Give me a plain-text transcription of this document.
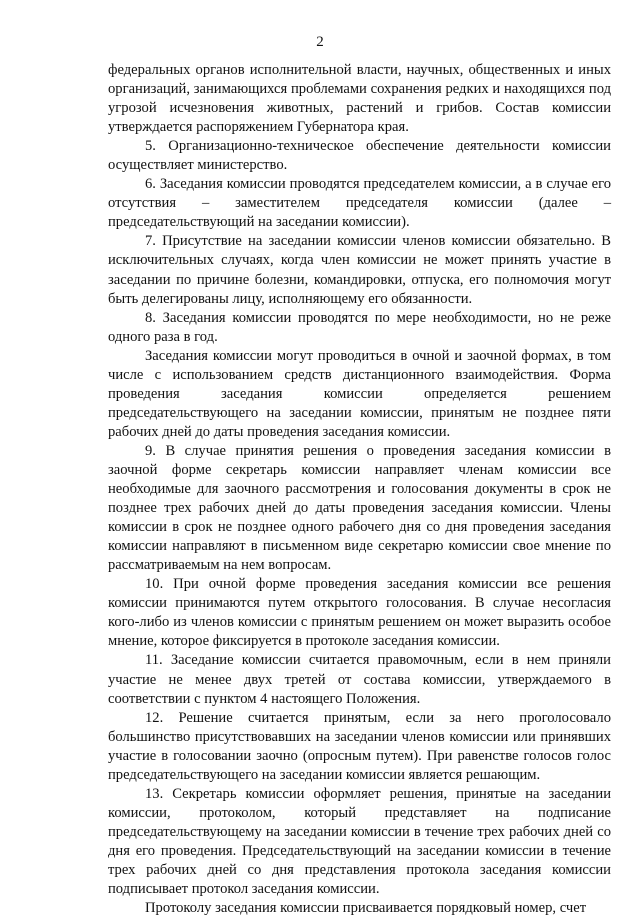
2

федеральных органов исполнительной власти, научных, общественных и иных организаций, занимающихся проблемами сохранения редких и находящихся под угрозой исчезновения животных, растений и грибов. Состав комиссии утверждается распоряжением Губернатора края.

5. Организационно-техническое обеспечение деятельности комиссии осуществляет министерство.

6. Заседания комиссии проводятся председателем комиссии, а в случае его отсутствия – заместителем председателя комиссии (далее – председательствующий на заседании комиссии).

7. Присутствие на заседании комиссии членов комиссии обязательно. В исключительных случаях, когда член комиссии не может принять участие в заседании по причине болезни, командировки, отпуска, его полномочия могут быть делегированы лицу, исполняющему его обязанности.

8. Заседания комиссии проводятся по мере необходимости, но не реже одного раза в год.

Заседания комиссии могут проводиться в очной и заочной формах, в том числе с использованием средств дистанционного взаимодействия. Форма проведения заседания комиссии определяется решением председательствующего на заседании комиссии, принятым не позднее пяти рабочих дней до даты проведения заседания комиссии.

9. В случае принятия решения о проведения заседания комиссии в заочной форме секретарь комиссии направляет членам комиссии все необходимые для заочного рассмотрения и голосования документы в срок не позднее трех рабочих дней до даты проведения заседания комиссии. Члены комиссии в срок не позднее одного рабочего дня со дня проведения заседания комиссии направляют в письменном виде секретарю комиссии свое мнение по рассматриваемым на нем вопросам.

10. При очной форме проведения заседания комиссии все решения комиссии принимаются путем открытого голосования. В случае несогласия кого-либо из членов комиссии с принятым решением он может выразить особое мнение, которое фиксируется в протоколе заседания комиссии.

11. Заседание комиссии считается правомочным, если в нем приняли участие не менее двух третей от состава комиссии, утверждаемого в соответствии с пунктом 4 настоящего Положения.

12. Решение считается принятым, если за него проголосовало большинство присутствовавших на заседании членов комиссии или принявших участие в голосовании заочно (опросным путем). При равенстве голосов голос председательствующего на заседании комиссии является решающим.

13. Секретарь комиссии оформляет решения, принятые на заседании комиссии, протоколом, который представляет на подписание председательствующему на заседании комиссии в течение трех рабочих дней со дня его проведения. Председательствующий на заседании комиссии в течение трех рабочих дней со дня представления протокола заседания комиссии подписывает протокол заседания комиссии.

Протоколу заседания комиссии присваивается порядковый номер, счет
